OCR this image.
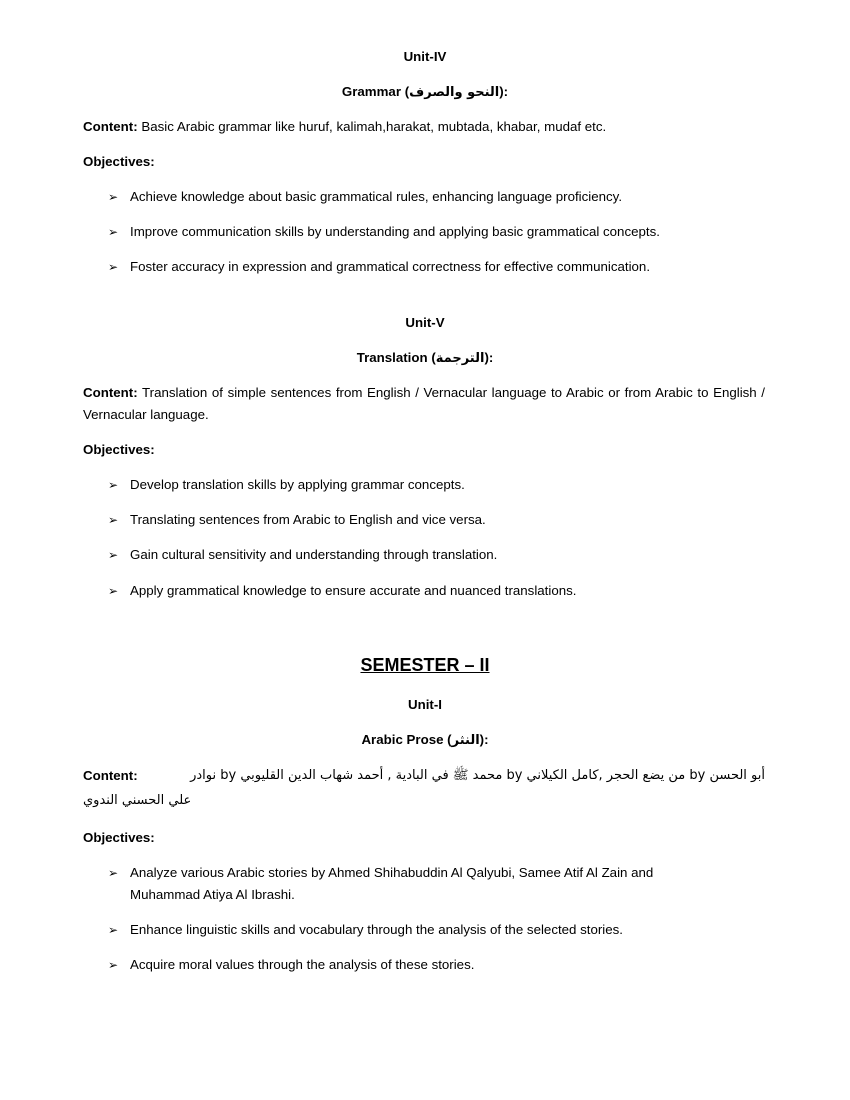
Unit-IV
Grammar (النحو والصرف):
Content: Basic Arabic grammar like huruf, kalimah,harakat, mubtada, khabar, mudaf etc.
Objectives:
➢ Achieve knowledge about basic grammatical rules, enhancing language proficiency.
➢ Improve communication skills by understanding and applying basic grammatical concepts.
➢ Foster accuracy in expression and grammatical correctness for effective communication.
Unit-V
Translation (الترجمة):
Content: Translation of simple sentences from English / Vernacular language to Arabic or from Arabic to English / Vernacular language.
Objectives:
➢ Develop translation skills by applying grammar concepts.
➢ Translating sentences from Arabic to English and vice versa.
➢ Gain cultural sensitivity and understanding through translation.
➢ Apply grammatical knowledge to ensure accurate and nuanced translations.
SEMESTER – II
Unit-I
Arabic Prose (النثر):
Content:	أبو الحسن by من يضع الحجر ,كامل الكيلاني by محمد ﷺ في البادية , أحمد شهاب الدين القليوبي by نوادر
علي الحسني الندوي
Objectives:
➢ Analyze various Arabic stories by Ahmed Shihabuddin Al Qalyubi, Samee Atif Al Zain and Muhammad Atiya Al Ibrashi.
➢ Enhance linguistic skills and vocabulary through the analysis of the selected stories.
➢ Acquire moral values through the analysis of these stories.
